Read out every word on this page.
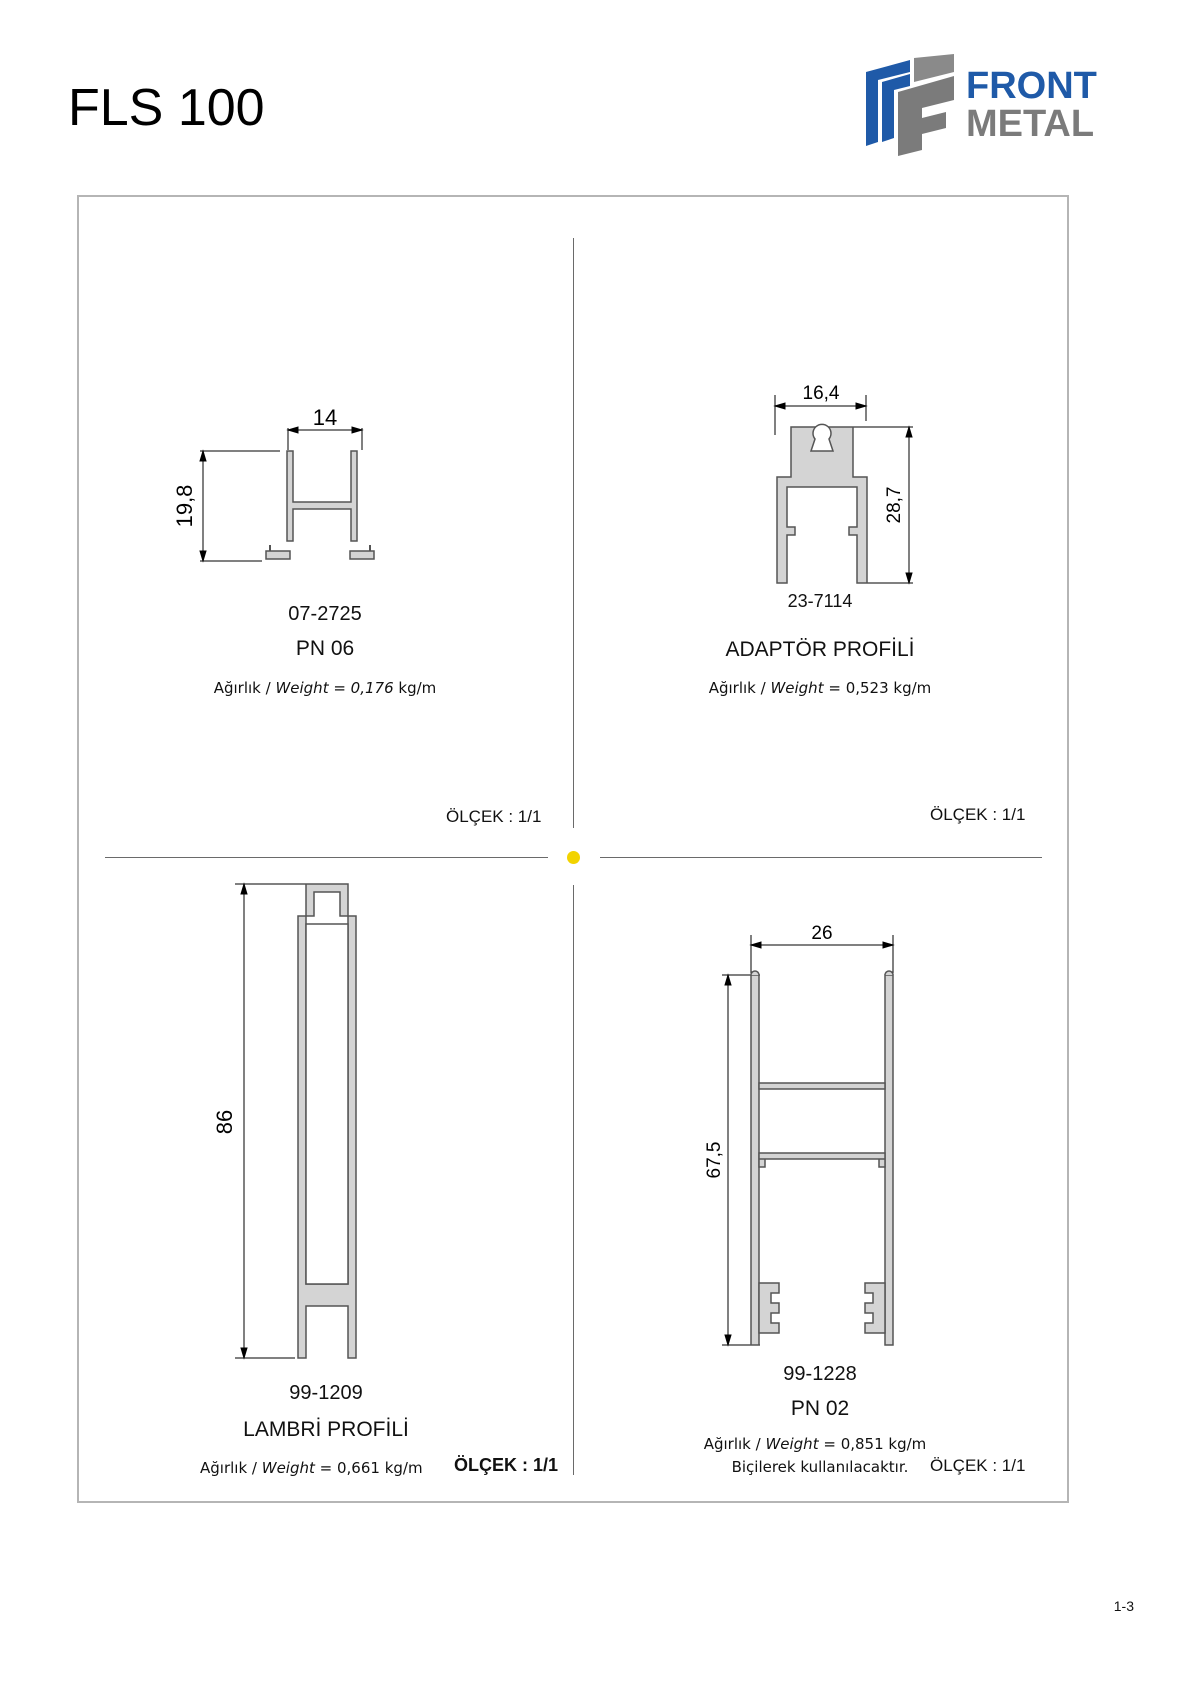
FLS 100	FRONT
METAL
14
19,8
07-2725
PN 06
Ağırlık / Weight = 0,176 kg/m
ÖLÇEK : 1/1
16,4
28,7
23-7114
ADAPTÖR PROFİLİ
Ağırlık / Weight = 0,523 kg/m
ÖLÇEK : 1/1
86
99-1209
LAMBRİ PROFİLİ
Ağırlık / Weight = 0,661 kg/m	ÖLÇEK : 1/1
26
67,5
99-1228
PN 02
Ağırlık / Weight = 0,851 kg/m
Biçilerek kullanılacaktır.	ÖLÇEK : 1/1
1-3
